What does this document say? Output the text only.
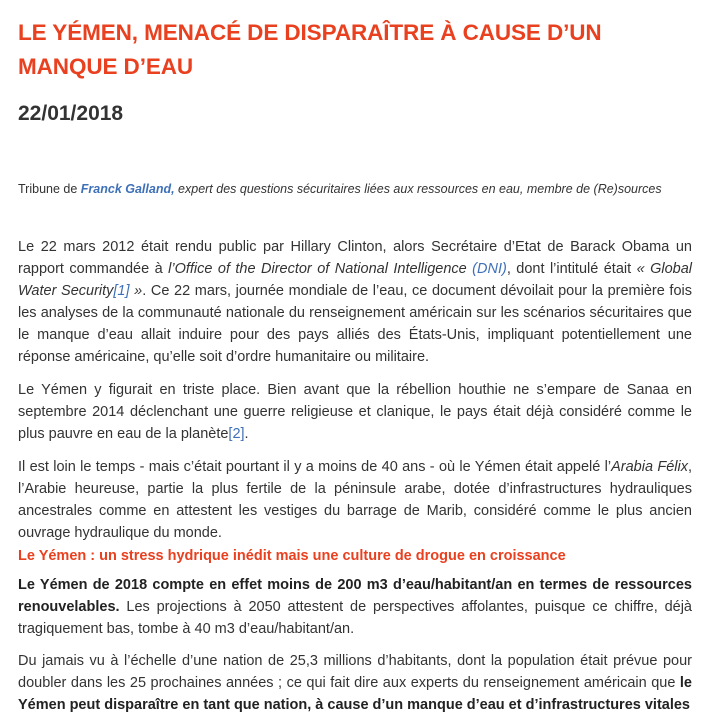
LE YÉMEN, MENACÉ DE DISPARAÎTRE À CAUSE D’UN MANQUE D’EAU
22/01/2018
Tribune de Franck Galland, expert des questions sécuritaires liées aux ressources en eau, membre de (Re)sources

Le 22 mars 2012 était rendu public par Hillary Clinton, alors Secrétaire d’Etat de Barack Obama un rapport commandée à l’Office of the Director of National Intelligence (DNI), dont l’intitulé était « Global Water Security[1] ». Ce 22 mars, journée mondiale de l’eau, ce document dévoilait pour la première fois les analyses de la communauté nationale du renseignement américain sur les scénarios sécuritaires que le manque d’eau allait induire pour des pays alliés des États-Unis, impliquant potentiellement une réponse américaine, qu’elle soit d’ordre humanitaire ou militaire.

Le Yémen y figurait en triste place. Bien avant que la rébellion houthie ne s’empare de Sanaa en septembre 2014 déclenchant une guerre religieuse et clanique, le pays était déjà considéré comme le plus pauvre en eau de la planète[2].

Il est loin le temps - mais c’était pourtant il y a moins de 40 ans - où le Yémen était appelé l’Arabia Félix, l’Arabie heureuse, partie la plus fertile de la péninsule arabe, dotée d’infrastructures hydrauliques ancestrales comme en attestent les vestiges du barrage de Marib, considéré comme le plus ancien ouvrage hydraulique du monde.

Le Yémen : un stress hydrique inédit mais une culture de drogue en croissance

Le Yémen de 2018 compte en effet moins de 200 m3 d’eau/habitant/an en termes de ressources renouvelables. Les projections à 2050 attestent de perspectives affolantes, puisque ce chiffre, déjà tragiquement bas, tombe à 40 m3 d’eau/habitant/an.

Du jamais vu à l’échelle d’une nation de 25,3 millions d’habitants, dont la population était prévue pour doubler dans les 25 prochaines années ; ce qui fait dire aux experts du renseignement américain que le Yémen peut disparaître en tant que nation, à cause d’un manque d’eau et d’infrastructures vitales
